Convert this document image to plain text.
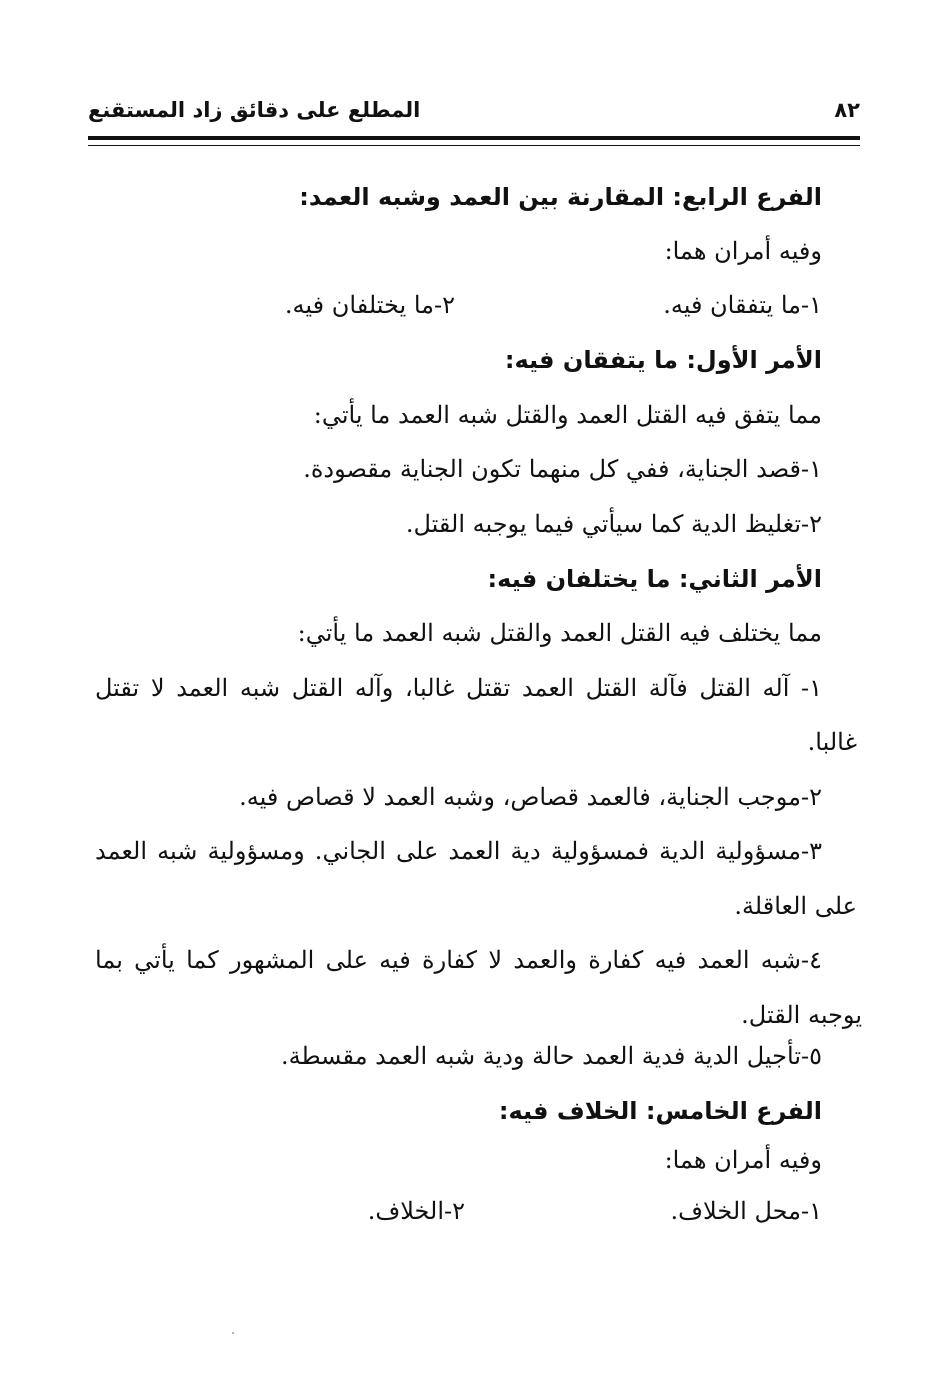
المطلع على دقائق زاد المستقنع	٨٢
الفرع الرابع: المقارنة بين العمد وشبه العمد:
وفيه أمران هما:
١-ما يتفقان فيه.
٢-ما يختلفان فيه.
الأمر الأول: ما يتفقان فيه:
مما يتفق فيه القتل العمد والقتل شبه العمد ما يأتي:
١-قصد الجناية، ففي كل منهما تكون الجناية مقصودة.
٢-تغليظ الدية كما سيأتي فيما يوجبه القتل.
الأمر الثاني: ما يختلفان فيه:
مما يختلف فيه القتل العمد والقتل شبه العمد ما يأتي:
١- آله القتل فآلة القتل العمد تقتل غالبا، وآله القتل شبه العمد لا تقتل
غالبا.
٢-موجب الجناية، فالعمد قصاص، وشبه العمد لا قصاص فيه.
٣-مسؤولية الدية فمسؤولية دية العمد على الجاني. ومسؤولية شبه العمد
على العاقلة.
٤-شبه العمد فيه كفارة والعمد لا كفارة فيه على المشهور كما يأتي بما
يوجبه القتل.
٥-تأجيل الدية فدية العمد حالة ودية شبه العمد مقسطة.
الفرع الخامس: الخلاف فيه:
وفيه أمران هما:
١-محل الخلاف.
٢-الخلاف.
